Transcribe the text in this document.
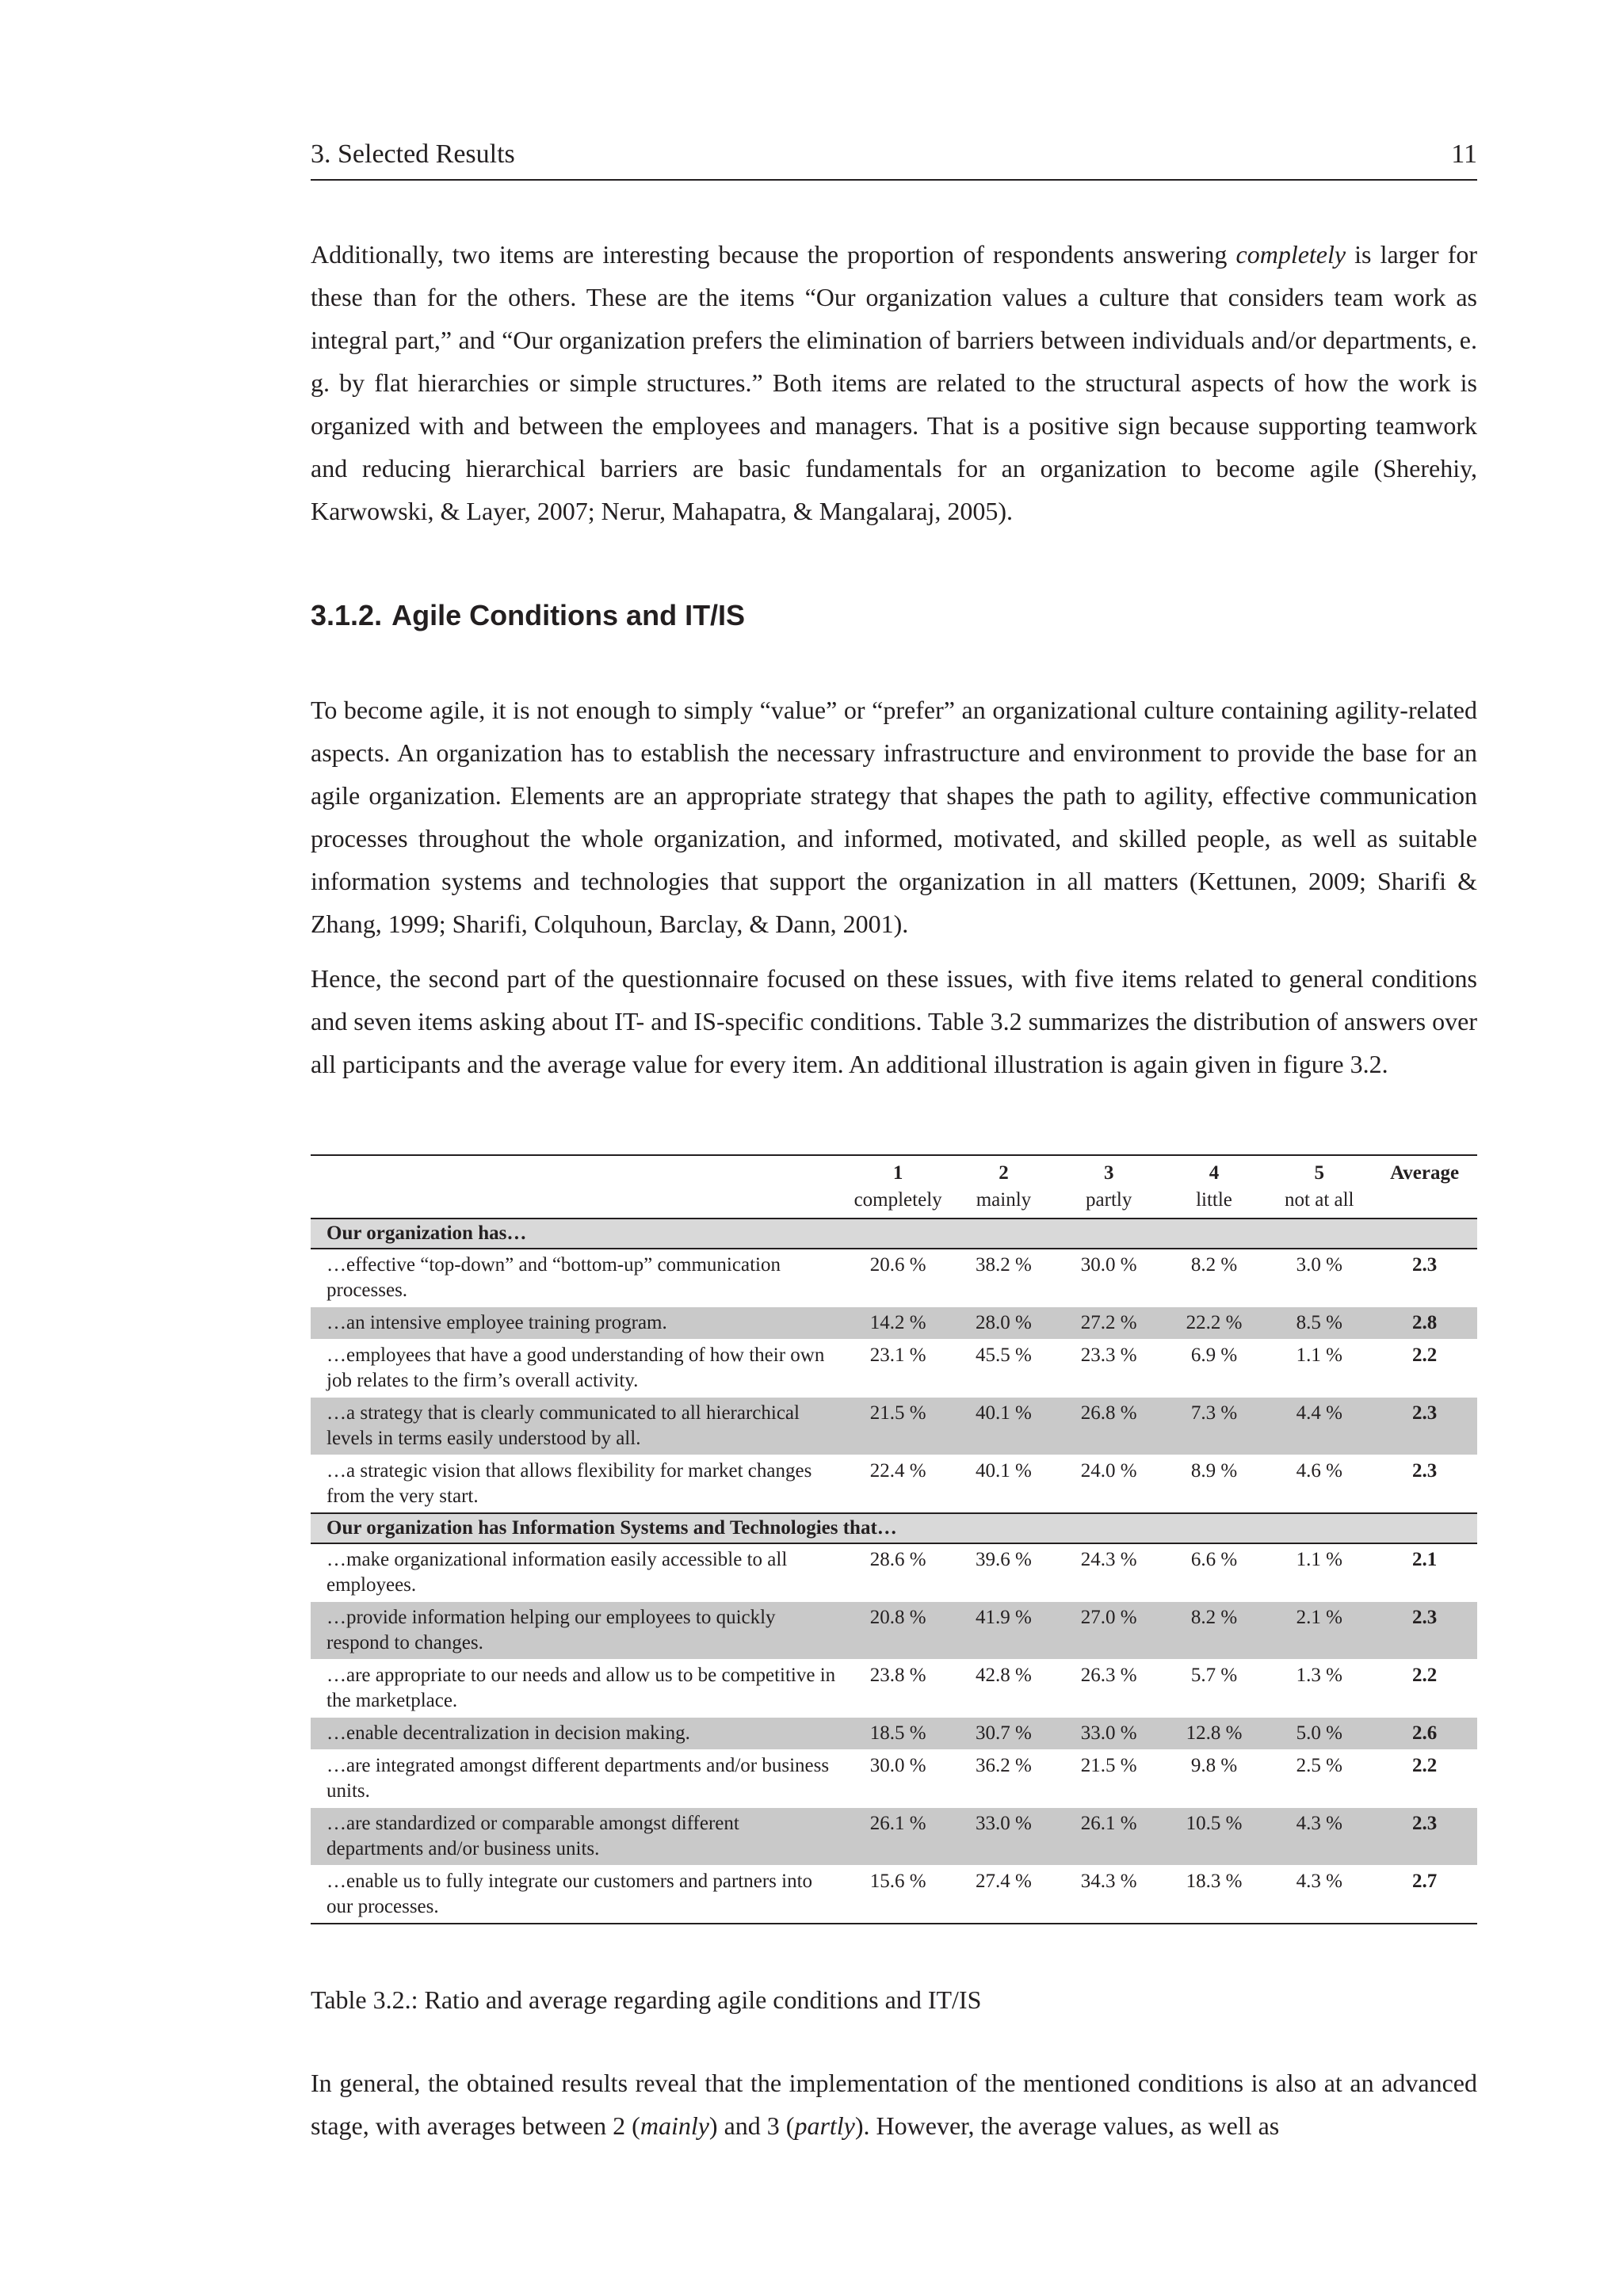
3. Selected Results	11

Additionally, two items are interesting because the proportion of respondents answering completely is larger for these than for the others. These are the items “Our organization values a culture that considers team work as integral part,” and “Our organization prefers the elimination of barriers between individuals and/or departments, e. g. by flat hierarchies or simple structures.” Both items are related to the structural aspects of how the work is organized with and between the employees and managers. That is a positive sign because supporting teamwork and reducing hierarchical barriers are basic fundamentals for an organization to become agile (Sherehiy, Karwowski, & Layer, 2007; Nerur, Mahapatra, & Mangalaraj, 2005).

3.1.2. Agile Conditions and IT/IS

To become agile, it is not enough to simply “value” or “prefer” an organizational culture containing agility-related aspects. An organization has to establish the necessary infrastructure and environment to provide the base for an agile organization. Elements are an appropriate strategy that shapes the path to agility, effective communication processes throughout the whole organization, and informed, motivated, and skilled people, as well as suitable information systems and technologies that support the organization in all matters (Kettunen, 2009; Sharifi & Zhang, 1999; Sharifi, Colquhoun, Barclay, & Dann, 2001).

Hence, the second part of the questionnaire focused on these issues, with five items related to general conditions and seven items asking about IT- and IS-specific conditions. Table 3.2 summarizes the distribution of answers over all participants and the average value for every item. An additional illustration is again given in figure 3.2.

	1	2	3	4	5	Average
	completely	mainly	partly	little	not at all	
Our organization has…						
…effective “top-down” and “bottom-up” communication processes.	20.6 %	38.2 %	30.0 %	8.2 %	3.0 %	2.3
…an intensive employee training program.	14.2 %	28.0 %	27.2 %	22.2 %	8.5 %	2.8
…employees that have a good understanding of how their own job relates to the firm’s overall activity.	23.1 %	45.5 %	23.3 %	6.9 %	1.1 %	2.2
…a strategy that is clearly communicated to all hierarchical levels in terms easily understood by all.	21.5 %	40.1 %	26.8 %	7.3 %	4.4 %	2.3
…a strategic vision that allows flexibility for market changes from the very start.	22.4 %	40.1 %	24.0 %	8.9 %	4.6 %	2.3
Our organization has Information Systems and Technologies that…						
…make organizational information easily accessible to all employees.	28.6 %	39.6 %	24.3 %	6.6 %	1.1 %	2.1
…provide information helping our employees to quickly respond to changes.	20.8 %	41.9 %	27.0 %	8.2 %	2.1 %	2.3
…are appropriate to our needs and allow us to be competitive in the marketplace.	23.8 %	42.8 %	26.3 %	5.7 %	1.3 %	2.2
…enable decentralization in decision making.	18.5 %	30.7 %	33.0 %	12.8 %	5.0 %	2.6
…are integrated amongst different departments and/or business units.	30.0 %	36.2 %	21.5 %	9.8 %	2.5 %	2.2
…are standardized or comparable amongst different departments and/or business units.	26.1 %	33.0 %	26.1 %	10.5 %	4.3 %	2.3
…enable us to fully integrate our customers and partners into our processes.	15.6 %	27.4 %	34.3 %	18.3 %	4.3 %	2.7

Table 3.2.: Ratio and average regarding agile conditions and IT/IS

In general, the obtained results reveal that the implementation of the mentioned conditions is also at an advanced stage, with averages between 2 (mainly) and 3 (partly). However, the average values, as well as
